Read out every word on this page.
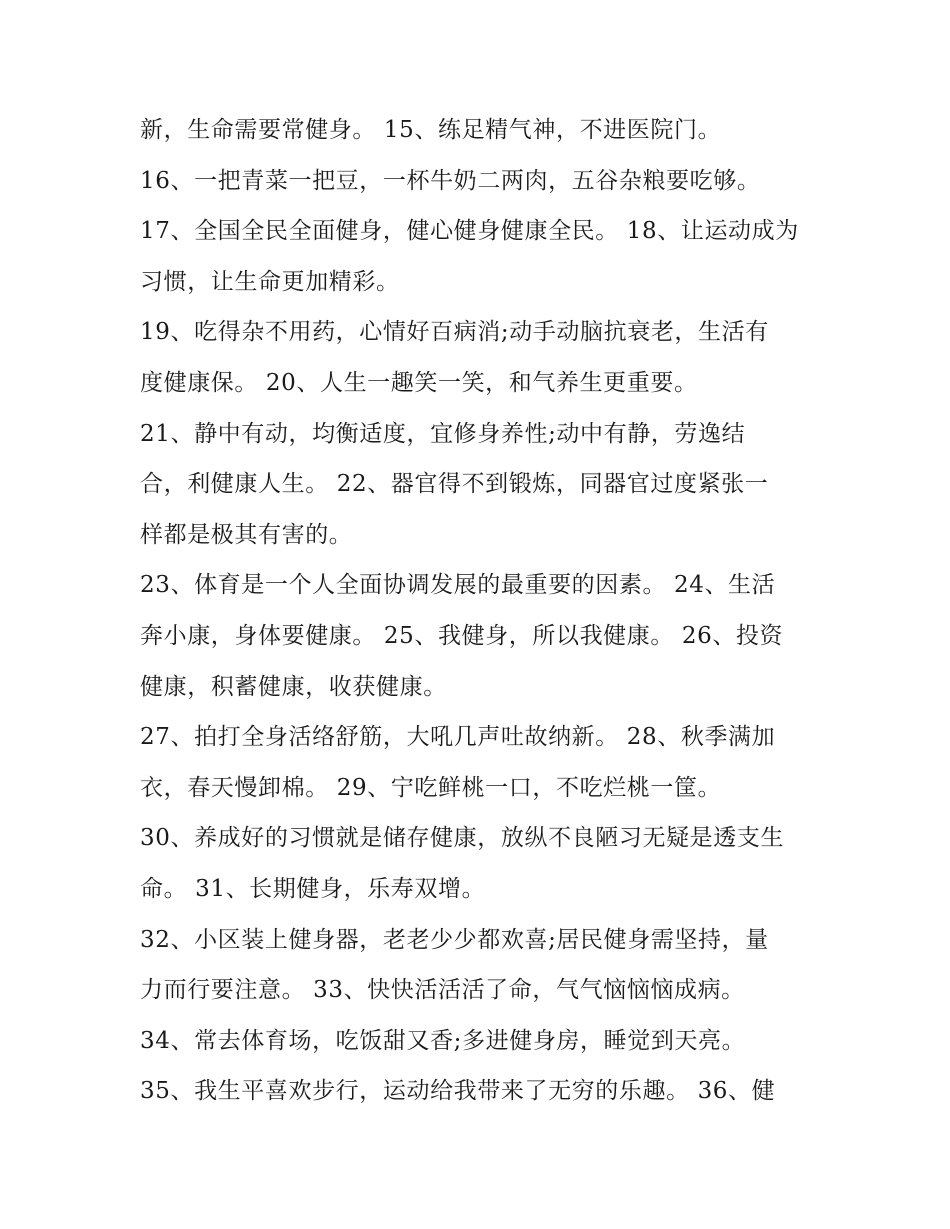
新，生命需要常健身。 15、练足精气神，不进医院门。
16、一把青菜一把豆，一杯牛奶二两肉，五谷杂粮要吃够。
17、全国全民全面健身，健心健身健康全民。 18、让运动成为
习惯，让生命更加精彩。
19、吃得杂不用药，心情好百病消;动手动脑抗衰老，生活有
度健康保。 20、人生一趣笑一笑，和气养生更重要。
21、静中有动，均衡适度，宜修身养性;动中有静，劳逸结
合，利健康人生。 22、器官得不到锻炼，同器官过度紧张一
样都是极其有害的。
23、体育是一个人全面协调发展的最重要的因素。 24、生活
奔小康，身体要健康。 25、我健身，所以我健康。 26、投资
健康，积蓄健康，收获健康。
27、拍打全身活络舒筋，大吼几声吐故纳新。 28、秋季满加
衣，春天慢卸棉。 29、宁吃鲜桃一口，不吃烂桃一筐。
30、养成好的习惯就是储存健康，放纵不良陋习无疑是透支生
命。 31、长期健身，乐寿双增。
32、小区装上健身器，老老少少都欢喜;居民健身需坚持，量
力而行要注意。 33、快快活活活了命，气气恼恼恼成病。
34、常去体育场，吃饭甜又香;多进健身房，睡觉到天亮。
35、我生平喜欢步行，运动给我带来了无穷的乐趣。 36、健
